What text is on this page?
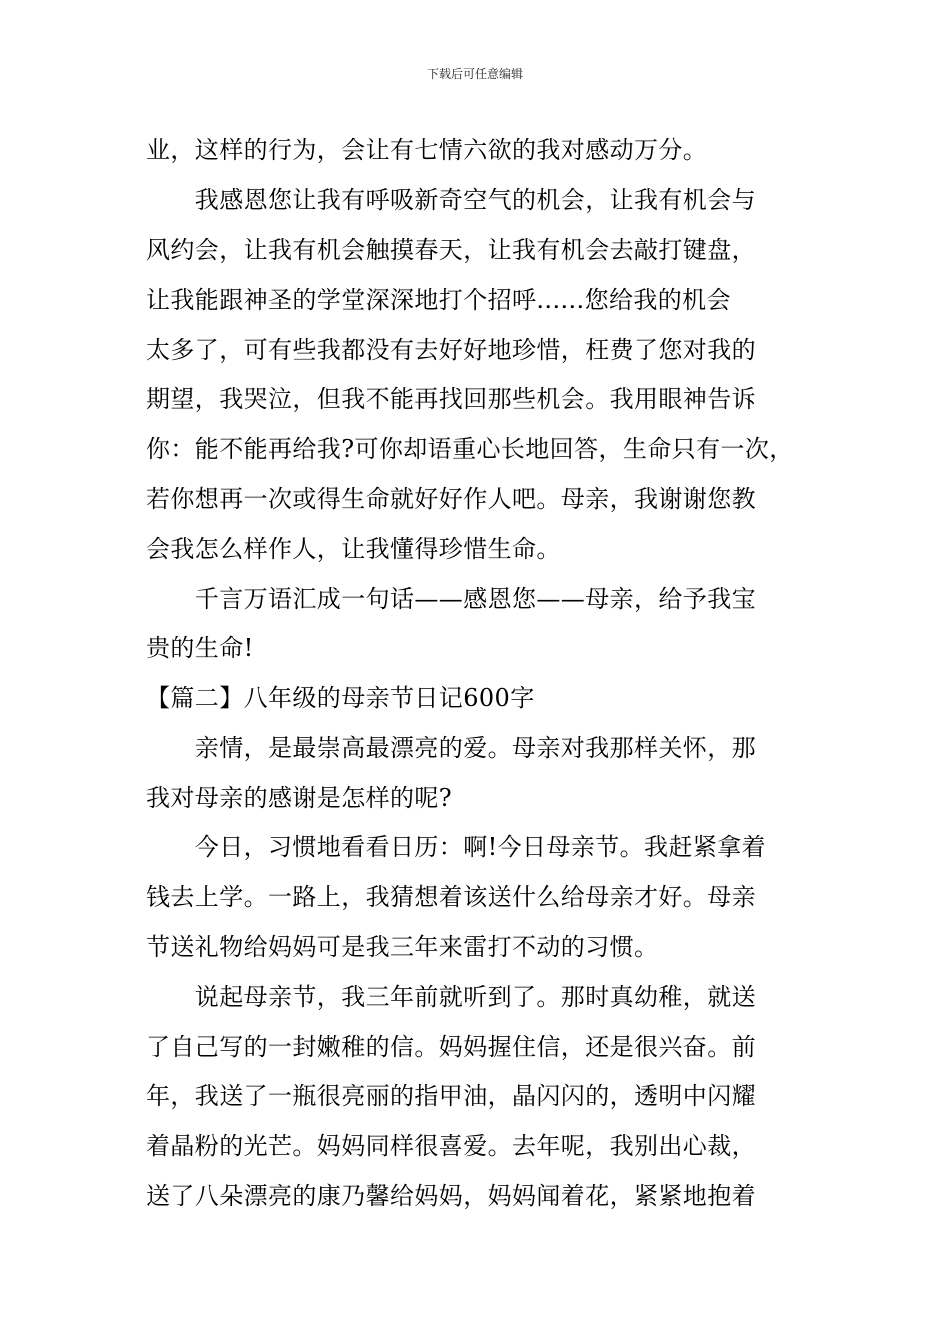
下载后可任意编辑
业，这样的行为，会让有七情六欲的我对感动万分。
　　我感恩您让我有呼吸新奇空气的机会，让我有机会与
风约会，让我有机会触摸春天，让我有机会去敲打键盘，
让我能跟神圣的学堂深深地打个招呼......您给我的机会
太多了，可有些我都没有去好好地珍惜，枉费了您对我的
期望，我哭泣，但我不能再找回那些机会。我用眼神告诉
你：能不能再给我?可你却语重心长地回答，生命只有一次，
若你想再一次或得生命就好好作人吧。母亲，我谢谢您教
会我怎么样作人，让我懂得珍惜生命。
　　千言万语汇成一句话——感恩您——母亲，给予我宝
贵的生命!
【篇二】八年级的母亲节日记600字
　　亲情，是最崇高最漂亮的爱。母亲对我那样关怀，那
我对母亲的感谢是怎样的呢?
　　今日，习惯地看看日历：啊!今日母亲节。我赶紧拿着
钱去上学。一路上，我猜想着该送什么给母亲才好。母亲
节送礼物给妈妈可是我三年来雷打不动的习惯。
　　说起母亲节，我三年前就听到了。那时真幼稚，就送
了自己写的一封嫩稚的信。妈妈握住信，还是很兴奋。前
年，我送了一瓶很亮丽的指甲油，晶闪闪的，透明中闪耀
着晶粉的光芒。妈妈同样很喜爱。去年呢，我别出心裁，
送了八朵漂亮的康乃馨给妈妈，妈妈闻着花，紧紧地抱着
